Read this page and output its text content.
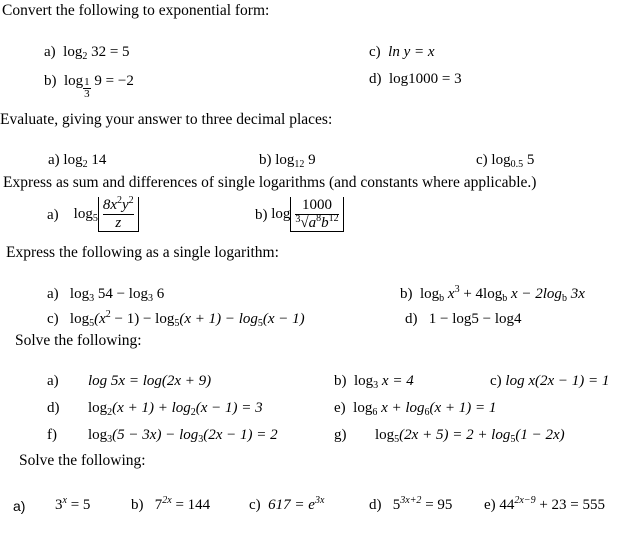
Convert the following to exponential form:
a)  $\log_2 32 = 5$
b)  $\log \frac{1}{3} 9 = -2$
c) ln y = x
d) log1000 = 3
Evaluate, giving your answer to three decimal places:
a) $\log_2 14$	b) $\log_{12} 9$	c) $\log_{0.5} 5$
Express as sum and differences of single logarithms (and constants where applicable.)
a)    $\log_5 \frac{8x^2y^2}{z}$	b) $\log \frac{1000}{^3√a^8b^{12}}$
Express the following as a single logarithm:
a)   $\log_3 54 - \log_3 6$
c)   $\log_5(x^2 - 1) - \log_5(x + 1) - \log_5(x - 1)$
b)  $\log_b x^3 + 4\log_b$ $x - 2\log_b$ 3x
d) 1 − log5 − log4
Solve the following:
a) log 5x = log(2x + 9)	b)  $\log_3 x = 4$	c) log x(2x − 1) = 1
d) $\log_2(x + 1) + \log_2(x - 1) = 3$	e)  $\log_6 x + \log_6(x + 1) = 1$
f) $\log_3(5 - 3x) - \log_3(2x - 1) = 2$	g) $\log_5(2x + 5) = 2 + \log_5(1 - 2x)$
Solve the following:
a) $3^x = 5$	b) $7^{2x} = 144$	c) $617 = e^{3x}$	d) $5^{3x+2} = 95$ e) $44^{2x-9} + 23 = 555$
